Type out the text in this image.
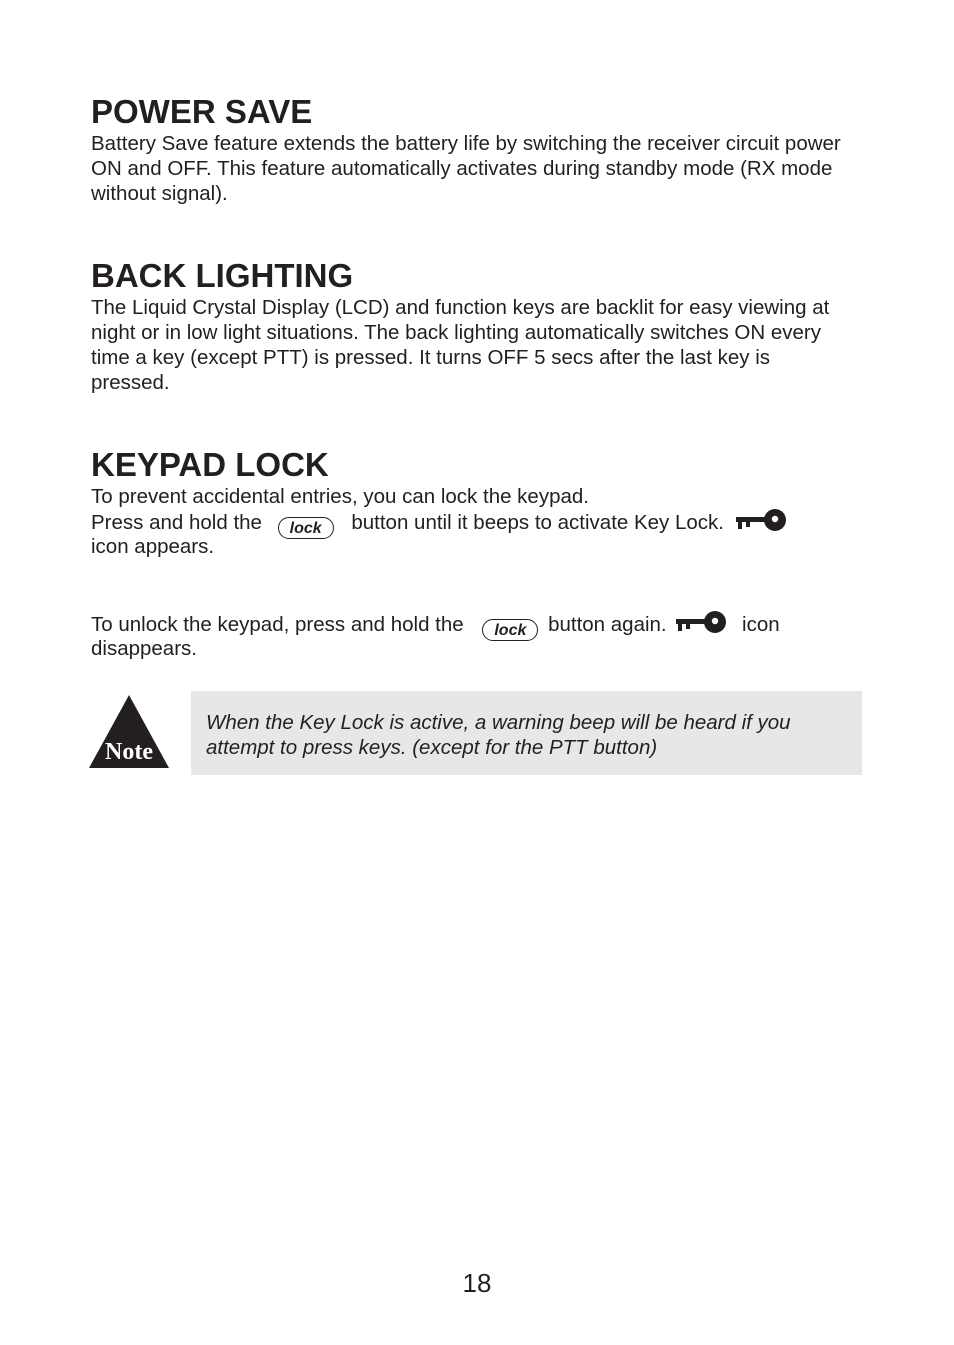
POWER SAVE

Battery Save feature extends the battery life by switching the receiver circuit power ON and OFF. This feature automatically activates during standby mode (RX mode without signal).

BACK LIGHTING

The Liquid Crystal Display (LCD) and function keys are backlit for easy viewing at night or in low light situations. The back lighting automatically switches ON every time a key (except PTT) is pressed. It turns OFF 5 secs after the last key is pressed.

KEYPAD LOCK

To prevent accidental entries, you can lock the keypad.

Press and hold the lock button until it beeps to activate Key Lock.

icon appears.

To unlock the keypad, press and hold the lock button again.	icon

disappears.

Note

When the Key Lock is active, a warning beep will be heard if you attempt to press keys. (except for the PTT button)

18
